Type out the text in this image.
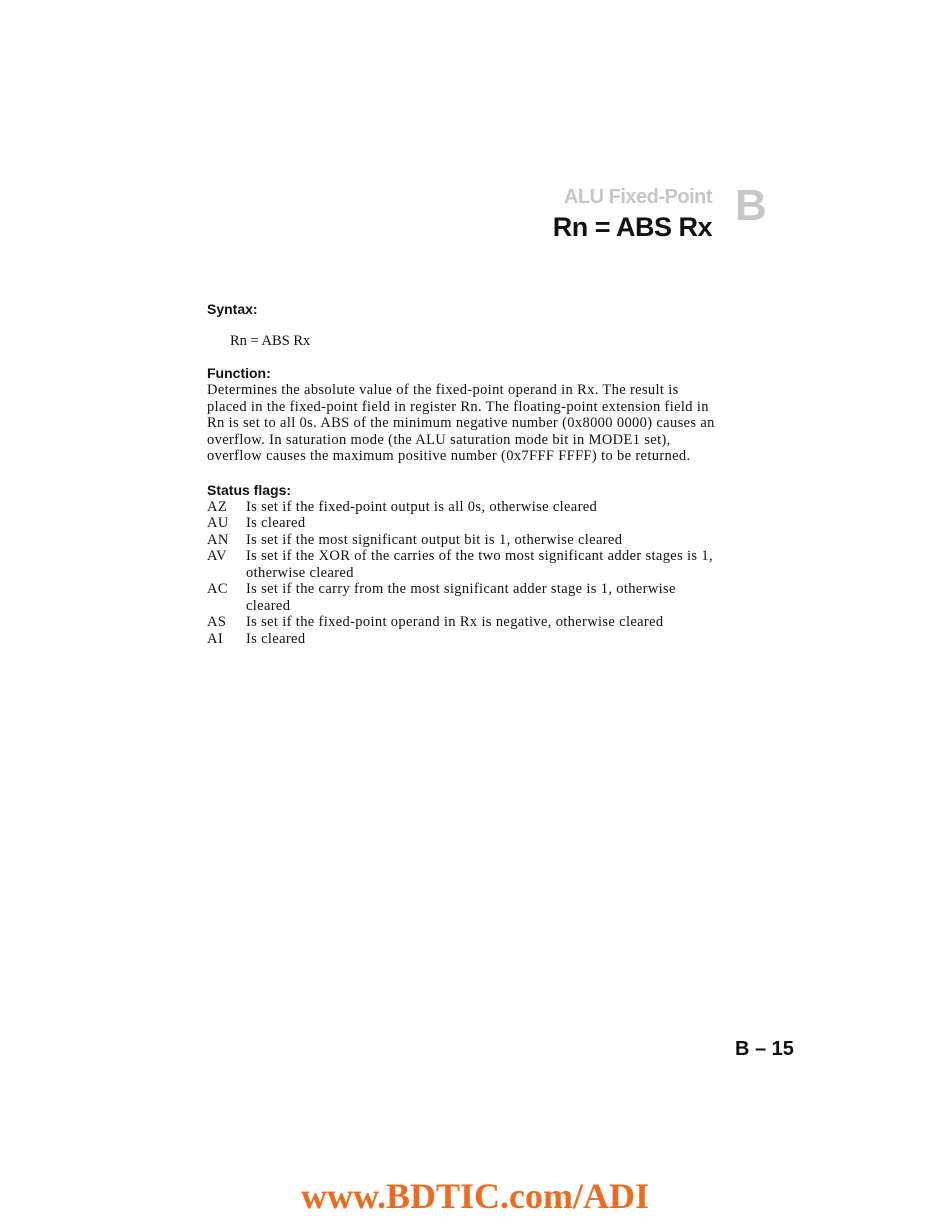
ALU Fixed-Point
Rn = ABS Rx B
Syntax:
Rn = ABS Rx
Function:
Determines the absolute value of the fixed-point operand in Rx. The result is placed in the fixed-point field in register Rn. The floating-point extension field in Rn is set to all 0s. ABS of the minimum negative number (0x8000 0000) causes an overflow. In saturation mode (the ALU saturation mode bit in MODE1 set), overflow causes the maximum positive number (0x7FFF FFFF) to be returned.
Status flags:
AZ	Is set if the fixed-point output is all 0s, otherwise cleared
AU	Is cleared
AN	Is set if the most significant output bit is 1, otherwise cleared
AV	Is set if the XOR of the carries of the two most significant adder stages is 1, otherwise cleared
AC	Is set if the carry from the most significant adder stage is 1, otherwise cleared
AS	Is set if the fixed-point operand in Rx is negative, otherwise cleared
AI	Is cleared
B – 15
www.BDTIC.com/ADI
